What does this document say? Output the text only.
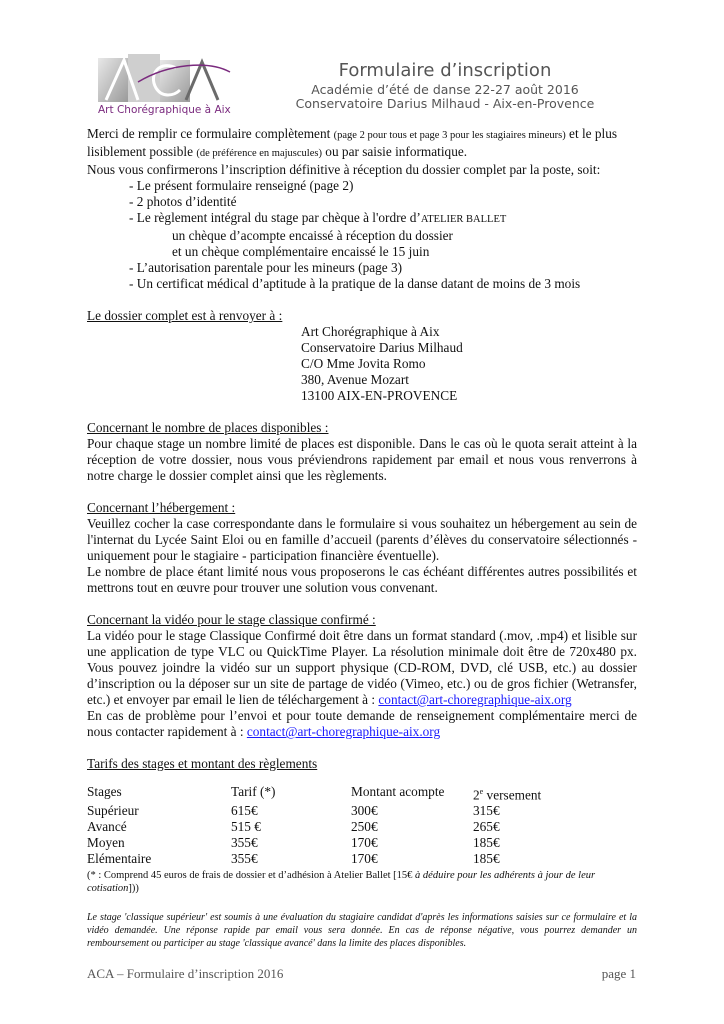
Art Chorégraphique à Aix
Formulaire d’inscription
Académie d’été de danse 22-27 août 2016
Conservatoire Darius Milhaud - Aix-en-Provence

Merci de remplir ce formulaire complètement (page 2 pour tous et page 3 pour les stagiaires mineurs) et le plus lisiblement possible (de préférence en majuscules) ou par saisie informatique.

Nous vous confirmerons l’inscription définitive à réception du dossier complet par la poste, soit:

- Le présent formulaire renseigné (page 2)

- 2 photos d’identité

- Le règlement intégral du stage par chèque à l'ordre d’ATELIER BALLET

un chèque d’acompte encaissé à réception du dossier

et un chèque complémentaire encaissé le 15 juin

- L’autorisation parentale pour les mineurs (page 3)

- Un certificat médical d’aptitude à la pratique de la danse datant de moins de 3 mois

Le dossier complet est à renvoyer à :

Art Chorégraphique à Aix

Conservatoire Darius Milhaud

C/O Mme Jovita Romo

380, Avenue Mozart

13100 AIX-EN-PROVENCE

Concernant le nombre de places disponibles :

Pour chaque stage un nombre limité de places est disponible. Dans le cas où le quota serait atteint à la réception de votre dossier, nous vous préviendrons rapidement par email et nous vous renverrons à notre charge le dossier complet ainsi que les règlements.

Concernant l’hébergement :

Veuillez cocher la case correspondante dans le formulaire si vous souhaitez un hébergement au sein de l'internat du Lycée Saint Eloi ou en famille d’accueil (parents d’élèves du conservatoire sélectionnés - uniquement pour le stagiaire - participation financière éventuelle).

Le nombre de place étant limité nous vous proposerons le cas échéant différentes autres possibilités et mettrons tout en œuvre pour trouver une solution vous convenant.

Concernant la vidéo pour le stage classique confirmé :

La vidéo pour le stage Classique Confirmé doit être dans un format standard (.mov, .mp4) et lisible sur une application de type VLC ou QuickTime Player. La résolution minimale doit être de 720x480 px. Vous pouvez joindre la vidéo sur un support physique (CD-ROM, DVD, clé USB, etc.) au dossier d’inscription ou la déposer sur un site de partage de vidéo (Vimeo, etc.) ou de gros fichier (Wetransfer, etc.) et envoyer par email le lien de téléchargement à : contact@art-choregraphique-aix.org

En cas de problème pour l’envoi et pour toute demande de renseignement complémentaire merci de nous contacter rapidement à : contact@art-choregraphique-aix.org

Tarifs des stages et montant des règlements

Stages	Tarif (*)	Montant acompte	2e versement
Supérieur	615€	300€	315€
Avancé	515 €	250€	265€
Moyen	355€	170€	185€
Elémentaire	355€	170€	185€

(* : Comprend 45 euros de frais de dossier et d’adhésion à Atelier Ballet [15€ à déduire pour les adhérents à jour de leur cotisation]))

Le stage 'classique supérieur' est soumis à une évaluation du stagiaire candidat d'après les informations saisies sur ce formulaire et la vidéo demandée. Une réponse rapide par email vous sera donnée. En cas de réponse négative, vous pourrez demander un remboursement ou participer au stage 'classique avancé' dans la limite des places disponibles.

ACA – Formulaire d’inscription 2016	page 1
